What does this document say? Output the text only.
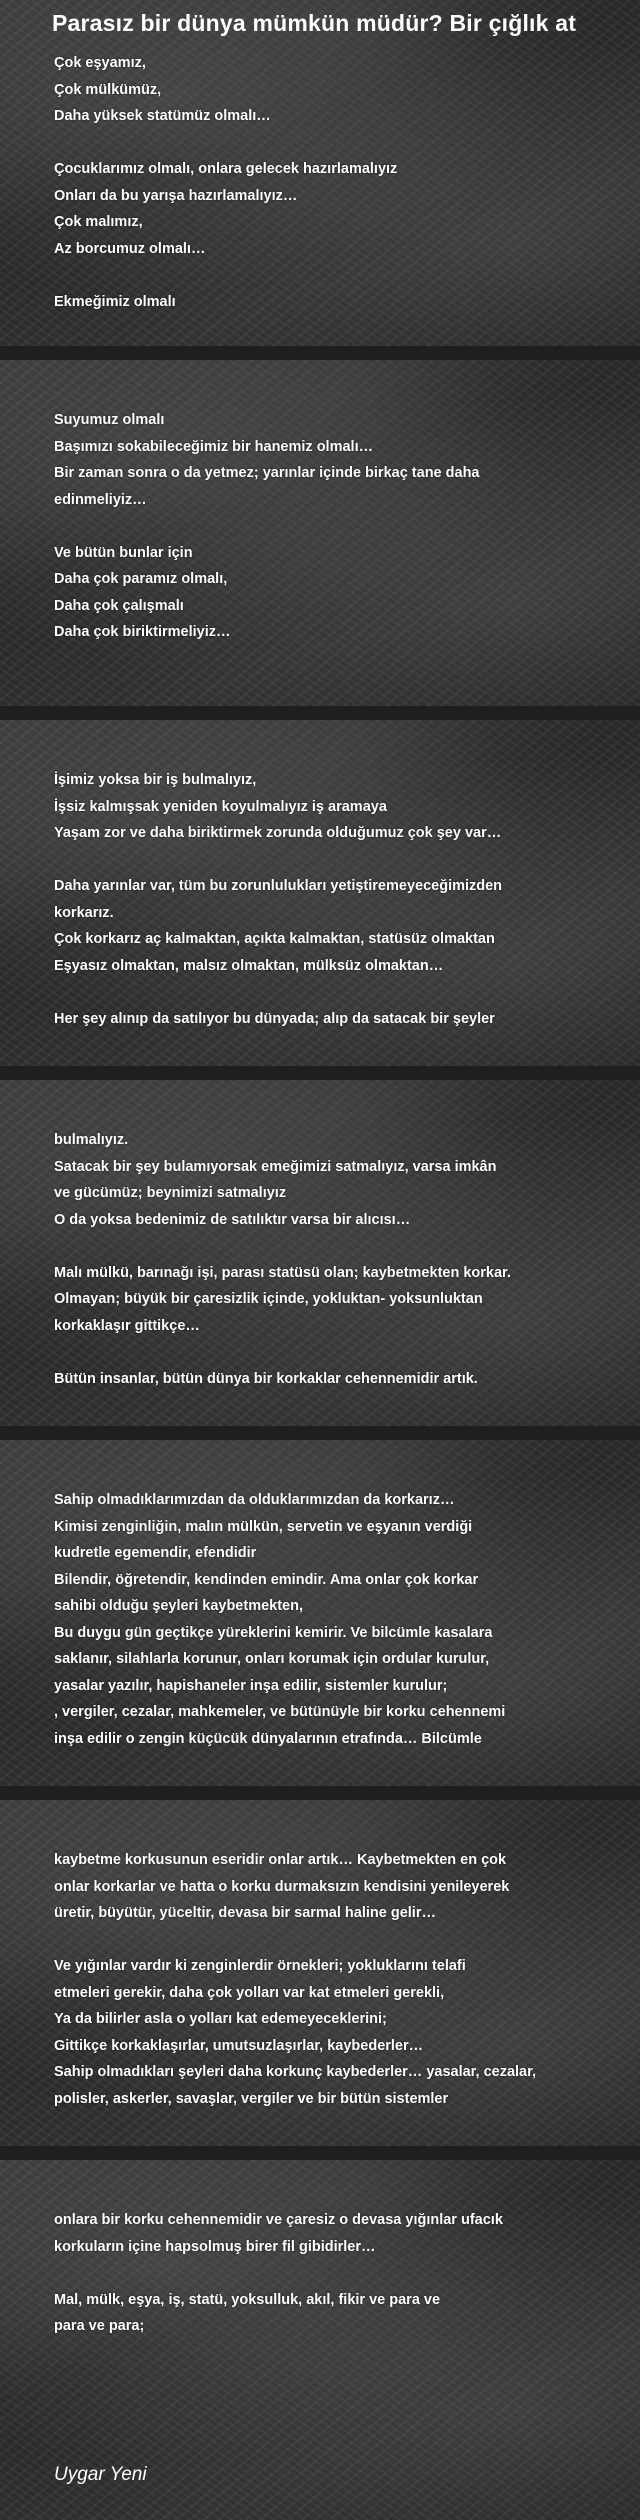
Parasız bir dünya mümkün müdür? Bir çığlık at
Çok eşyamız,
Çok mülkümüz,
Daha yüksek statümüz olmalı…
Çocuklarımız olmalı, onlara gelecek hazırlamalıyız
Onları da bu yarışa hazırlamalıyız…
Çok malımız,
Az borcumuz olmalı…
Ekmeğimiz olmalı
Suyumuz olmalı
Başımızı sokabileceğimiz bir hanemiz olmalı…
Bir zaman sonra o da yetmez; yarınlar içinde birkaç tane daha
edinmeliyiz…
Ve bütün bunlar için
Daha çok paramız olmalı,
Daha çok çalışmalı
Daha çok biriktirmeliyiz…
İşimiz yoksa bir iş bulmalıyız,
İşsiz kalmışsak yeniden koyulmalıyız iş aramaya
Yaşam zor ve daha biriktirmek zorunda olduğumuz çok şey var…
Daha yarınlar var, tüm bu zorunlulukları yetiştiremeyeceğimizden
korkarız.
Çok korkarız aç kalmaktan, açıkta kalmaktan, statüsüz olmaktan
Eşyasız olmaktan, malsız olmaktan, mülksüz olmaktan…
Her şey alınıp da satılıyor bu dünyada; alıp da satacak bir şeyler
bulmalıyız.
Satacak bir şey bulamıyorsak emeğimizi satmalıyız, varsa imkân
ve gücümüz; beynimizi satmalıyız
O da yoksa bedenimiz de satılıktır varsa bir alıcısı…
Malı mülkü, barınağı işi, parası statüsü olan; kaybetmekten korkar.
Olmayan; büyük bir çaresizlik içinde, yokluktan- yoksunluktan
korkaklaşır gittikçe…
Bütün insanlar, bütün dünya bir korkaklar cehennemidir artık.
Sahip olmadıklarımızdan da olduklarımızdan da korkarız…
Kimisi zenginliğin, malın mülkün, servetin ve eşyanın verdiği
kudretle egemendir, efendidir
Bilendir, öğretendir, kendinden emindir. Ama onlar çok korkar
sahibi olduğu şeyleri kaybetmekten,
Bu duygu gün geçtikçe yüreklerini kemirir. Ve bilcümle kasalara
saklanır, silahlarla korunur, onları korumak için ordular kurulur,
yasalar yazılır, hapishaneler inşa edilir, sistemler kurulur;
, vergiler, cezalar, mahkemeler, ve bütünüyle bir korku cehennemi
inşa edilir o zengin küçücük dünyalarının etrafında… Bilcümle
kaybetme korkusunun eseridir onlar artık… Kaybetmekten en çok
onlar korkarlar ve hatta o korku durmaksızın kendisini yenileyerek
üretir, büyütür, yüceltir, devasa bir sarmal haline gelir…
Ve yığınlar vardır ki zenginlerdir örnekleri; yokluklarını telafi
etmeleri gerekir, daha çok yolları var kat etmeleri gerekli,
Ya da bilirler asla o yolları kat edemeyeceklerini;
Gittikçe korkaklaşırlar, umutsuzlaşırlar, kaybederler…
Sahip olmadıkları şeyleri daha korkunç kaybederler… yasalar, cezalar,
polisler, askerler, savaşlar, vergiler ve bir bütün sistemler
onlara bir korku cehennemidir ve çaresiz o devasa yığınlar ufacık
korkuların içine hapsolmuş birer fil gibidirler…
Mal, mülk, eşya, iş, statü, yoksulluk, akıl, fikir ve para ve
para ve para;
Uygar Yeni
